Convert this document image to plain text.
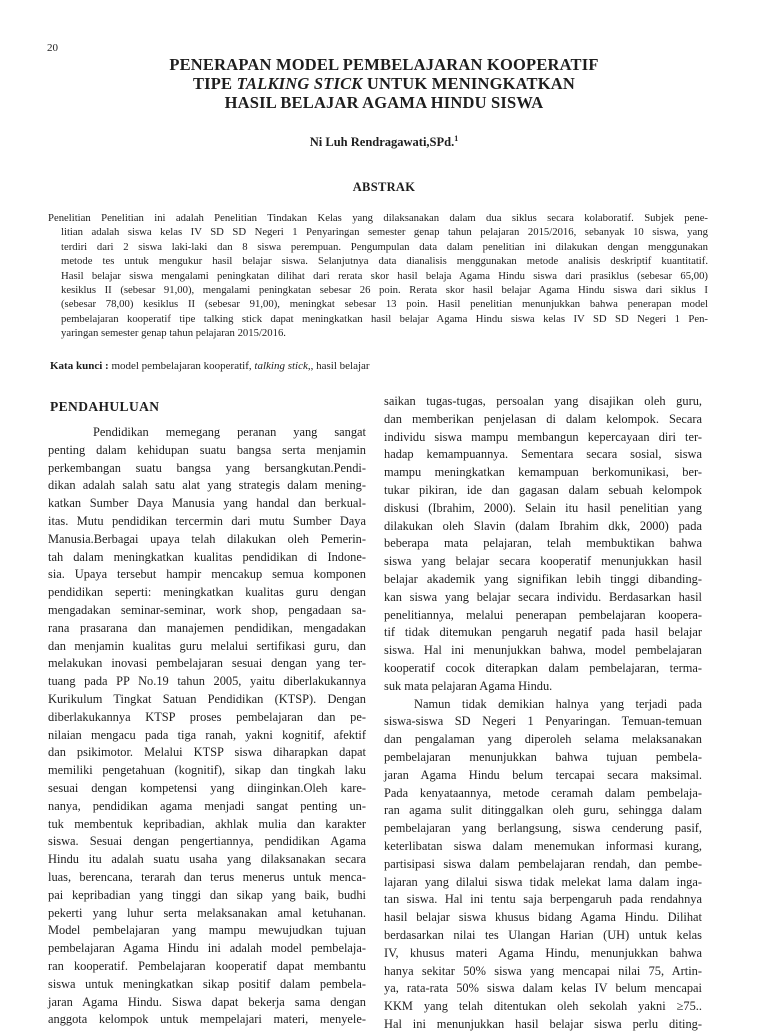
20
PENERAPAN MODEL PEMBELAJARAN KOOPERATIF
TIPE TALKING STICK UNTUK MENINGKATKAN
HASIL BELAJAR AGAMA HINDU SISWA
Ni Luh Rendragawati,SPd.$^1$
ABSTRAK
Penelitian Penelitian ini adalah Penelitian Tindakan Kelas yang dilaksanakan dalam dua siklus secara kolaboratif. Subjek pene-
litian adalah siswa kelas IV SD SD Negeri 1 Penyaringan semester genap tahun pelajaran 2015/2016, sebanyak 10 siswa, yang
terdiri dari 2 siswa laki-laki dan 8 siswa perempuan. Pengumpulan data dalam penelitian ini dilakukan dengan menggunakan
metode tes untuk mengukur hasil belajar siswa. Selanjutnya data dianalisis menggunakan metode analisis deskriptif kuantitatif.
Hasil belajar siswa mengalami peningkatan dilihat dari rerata skor hasil belaja Agama Hindu siswa dari prasiklus (sebesar 65,00)
kesiklus II (sebesar 91,00), mengalami peningkatan sebesar 26 poin. Rerata skor hasil belajar Agama Hindu siswa dari siklus I
(sebesar 78,00) kesiklus II (sebesar 91,00), meningkat sebesar 13 poin. Hasil penelitian menunjukkan bahwa penerapan model
pembelajaran kooperatif tipe talking stick dapat meningkatkan hasil belajar Agama Hindu siswa kelas IV SD SD Negeri 1 Pen-
yaringan semester genap tahun pelajaran 2015/2016.
Kata kunci : model pembelajaran kooperatif, talking stick,, hasil belajar
PENDAHULUAN
Pendidikan memegang peranan yang sangat
penting dalam kehidupan suatu bangsa serta menjamin
perkembangan suatu bangsa yang bersangkutan.Pendi-
dikan adalah salah satu alat yang strategis dalam mening-
katkan Sumber Daya Manusia yang handal dan berkual-
itas. Mutu pendidikan tercermin dari mutu Sumber Daya
Manusia.Berbagai upaya telah dilakukan oleh Pemerin-
tah dalam meningkatkan kualitas pendidikan di Indone-
sia. Upaya tersebut hampir mencakup semua komponen
pendidikan seperti: meningkatkan kualitas guru dengan
mengadakan seminar-seminar, work shop, pengadaan sa-
rana prasarana dan manajemen pendidikan, mengadakan
dan menjamin kualitas guru melalui sertifikasi guru, dan
melakukan inovasi pembelajaran sesuai dengan yang ter-
tuang pada PP No.19 tahun 2005, yaitu diberlakukannya
Kurikulum Tingkat Satuan Pendidikan (KTSP). Dengan
diberlakukannya KTSP proses pembelajaran dan pe-
nilaian mengacu pada tiga ranah, yakni kognitif, afektif
dan psikimotor. Melalui KTSP siswa diharapkan dapat
memiliki pengetahuan (kognitif), sikap dan tingkah laku
sesuai dengan kompetensi yang diinginkan.Oleh kare-
nanya, pendidikan agama menjadi sangat penting un-
tuk membentuk kepribadian, akhlak mulia dan karakter
siswa. Sesuai dengan pengertiannya, pendidikan Agama
Hindu itu adalah suatu usaha yang dilaksanakan secara
luas, berencana, terarah dan terus menerus untuk menca-
pai kepribadian yang tinggi dan sikap yang baik, budhi
pekerti yang luhur serta melaksanakan amal ketuhanan.
Model pembelajaran yang mampu mewujudkan tujuan
pembelajaran Agama Hindu ini adalah model pembelaja-
ran kooperatif. Pembelajaran kooperatif dapat membantu
siswa untuk meningkatkan sikap positif dalam pembela-
jaran Agama Hindu. Siswa dapat bekerja sama dengan
anggota kelompok untuk mempelajari materi, menyele-
saikan tugas-tugas, persoalan yang disajikan oleh guru,
dan memberikan penjelasan di dalam kelompok. Secara
individu siswa mampu membangun kepercayaan diri ter-
hadap kemampuannya. Sementara secara sosial, siswa
mampu meningkatkan kemampuan berkomunikasi, ber-
tukar pikiran, ide dan gagasan dalam sebuah kelompok
diskusi (Ibrahim, 2000). Selain itu hasil penelitian yang
dilakukan oleh Slavin (dalam Ibrahim dkk, 2000) pada
beberapa mata pelajaran, telah membuktikan bahwa
siswa yang belajar secara kooperatif menunjukkan hasil
belajar akademik yang signifikan lebih tinggi dibanding-
kan siswa yang belajar secara individu. Berdasarkan hasil
penelitiannya, melalui penerapan pembelajaran koopera-
tif tidak ditemukan pengaruh negatif pada hasil belajar
siswa. Hal ini menunjukkan bahwa, model pembelajaran
kooperatif cocok diterapkan dalam pembelajaran, terma-
suk mata pelajaran Agama Hindu.
Namun tidak demikian halnya yang terjadi pada
siswa-siswa SD Negeri 1 Penyaringan. Temuan-temuan
dan pengalaman yang diperoleh selama melaksanakan
pembelajaran menunjukkan bahwa tujuan pembela-
jaran Agama Hindu belum tercapai secara maksimal.
Pada kenyataannya, metode ceramah dalam pembelaja-
ran agama sulit ditinggalkan oleh guru, sehingga dalam
pembelajaran yang berlangsung, siswa cenderung pasif,
keterlibatan siswa dalam menemukan informasi kurang,
partisipasi siswa dalam pembelajaran rendah, dan pembe-
lajaran yang dilalui siswa tidak melekat lama dalam inga-
tan siswa. Hal ini tentu saja berpengaruh pada rendahnya
hasil belajar siswa khusus bidang Agama Hindu. Dilihat
berdasarkan nilai tes Ulangan Harian (UH) untuk kelas
IV, khusus materi Agama Hindu, menunjukkan bahwa
hanya sekitar 50% siswa yang mencapai nilai 75, Artin-
ya, rata-rata 50% siswa dalam kelas IV belum mencapai
KKM yang telah ditentukan oleh sekolah yakni ≥75..
Hal ini menunjukkan hasil belajar siswa perlu diting-
